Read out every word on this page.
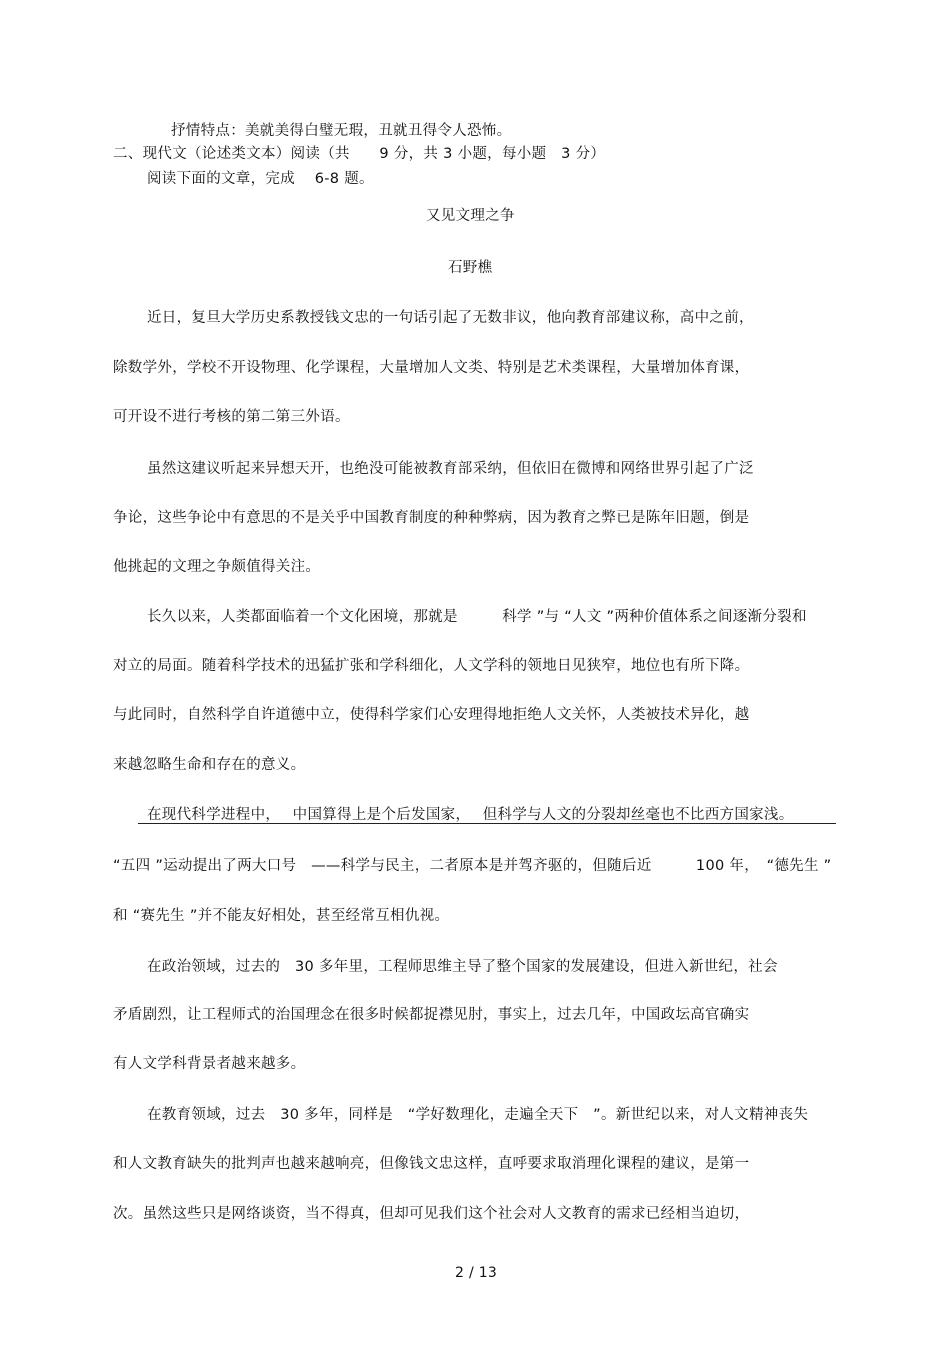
抒情特点：美就美得白璧无瑕，丑就丑得令人恐怖。
二、现代文（论述类文本）阅读（共　　9 分，共 3 小题，每小题　3 分）
阅读下面的文章，完成　 6-8 题。
又见文理之争
石野樵
近日，复旦大学历史系教授钱文忠的一句话引起了无数非议，他向教育部建议称，高中之前，
除数学外，学校不开设物理、化学课程，大量增加人文类、特别是艺术类课程，大量增加体育课，
可开设不进行考核的第二第三外语。
虽然这建议听起来异想天开，也绝没可能被教育部采纳，但依旧在微博和网络世界引起了广泛
争论，这些争论中有意思的不是关乎中国教育制度的种种弊病，因为教育之弊已是陈年旧题，倒是
他挑起的文理之争颇值得关注。
长久以来，人类都面临着一个文化困境，那就是　　　科学 ”与 “人文 ”两种价值体系之间逐渐分裂和
对立的局面。随着科学技术的迅猛扩张和学科细化，人文学科的领地日见狭窄，地位也有所下降。
与此同时，自然科学自许道德中立，使得科学家们心安理得地拒绝人文关怀，人类被技术异化，越
来越忽略生命和存在的意义。
在现代科学进程中，　 中国算得上是个后发国家，　 但科学与人文的分裂却丝毫也不比西方国家浅。
“五四 ”运动提出了两大口号　——科学与民主，二者原本是并驾齐驱的，但随后近　　　100 年，　“德先生 ”
和 “赛先生 ”并不能友好相处，甚至经常互相仇视。
在政治领域，过去的　30 多年里，工程师思维主导了整个国家的发展建设，但进入新世纪，社会
矛盾剧烈，让工程师式的治国理念在很多时候都捉襟见肘，事实上，过去几年，中国政坛高官确实
有人文学科背景者越来越多。
在教育领域，过去　30 多年，同样是　“学好数理化，走遍全天下　”。新世纪以来，对人文精神丧失
和人文教育缺失的批判声也越来越响亮，但像钱文忠这样，直呼要求取消理化课程的建议，是第一
次。虽然这些只是网络谈资，当不得真，但却可见我们这个社会对人文教育的需求已经相当迫切，
2 / 13
